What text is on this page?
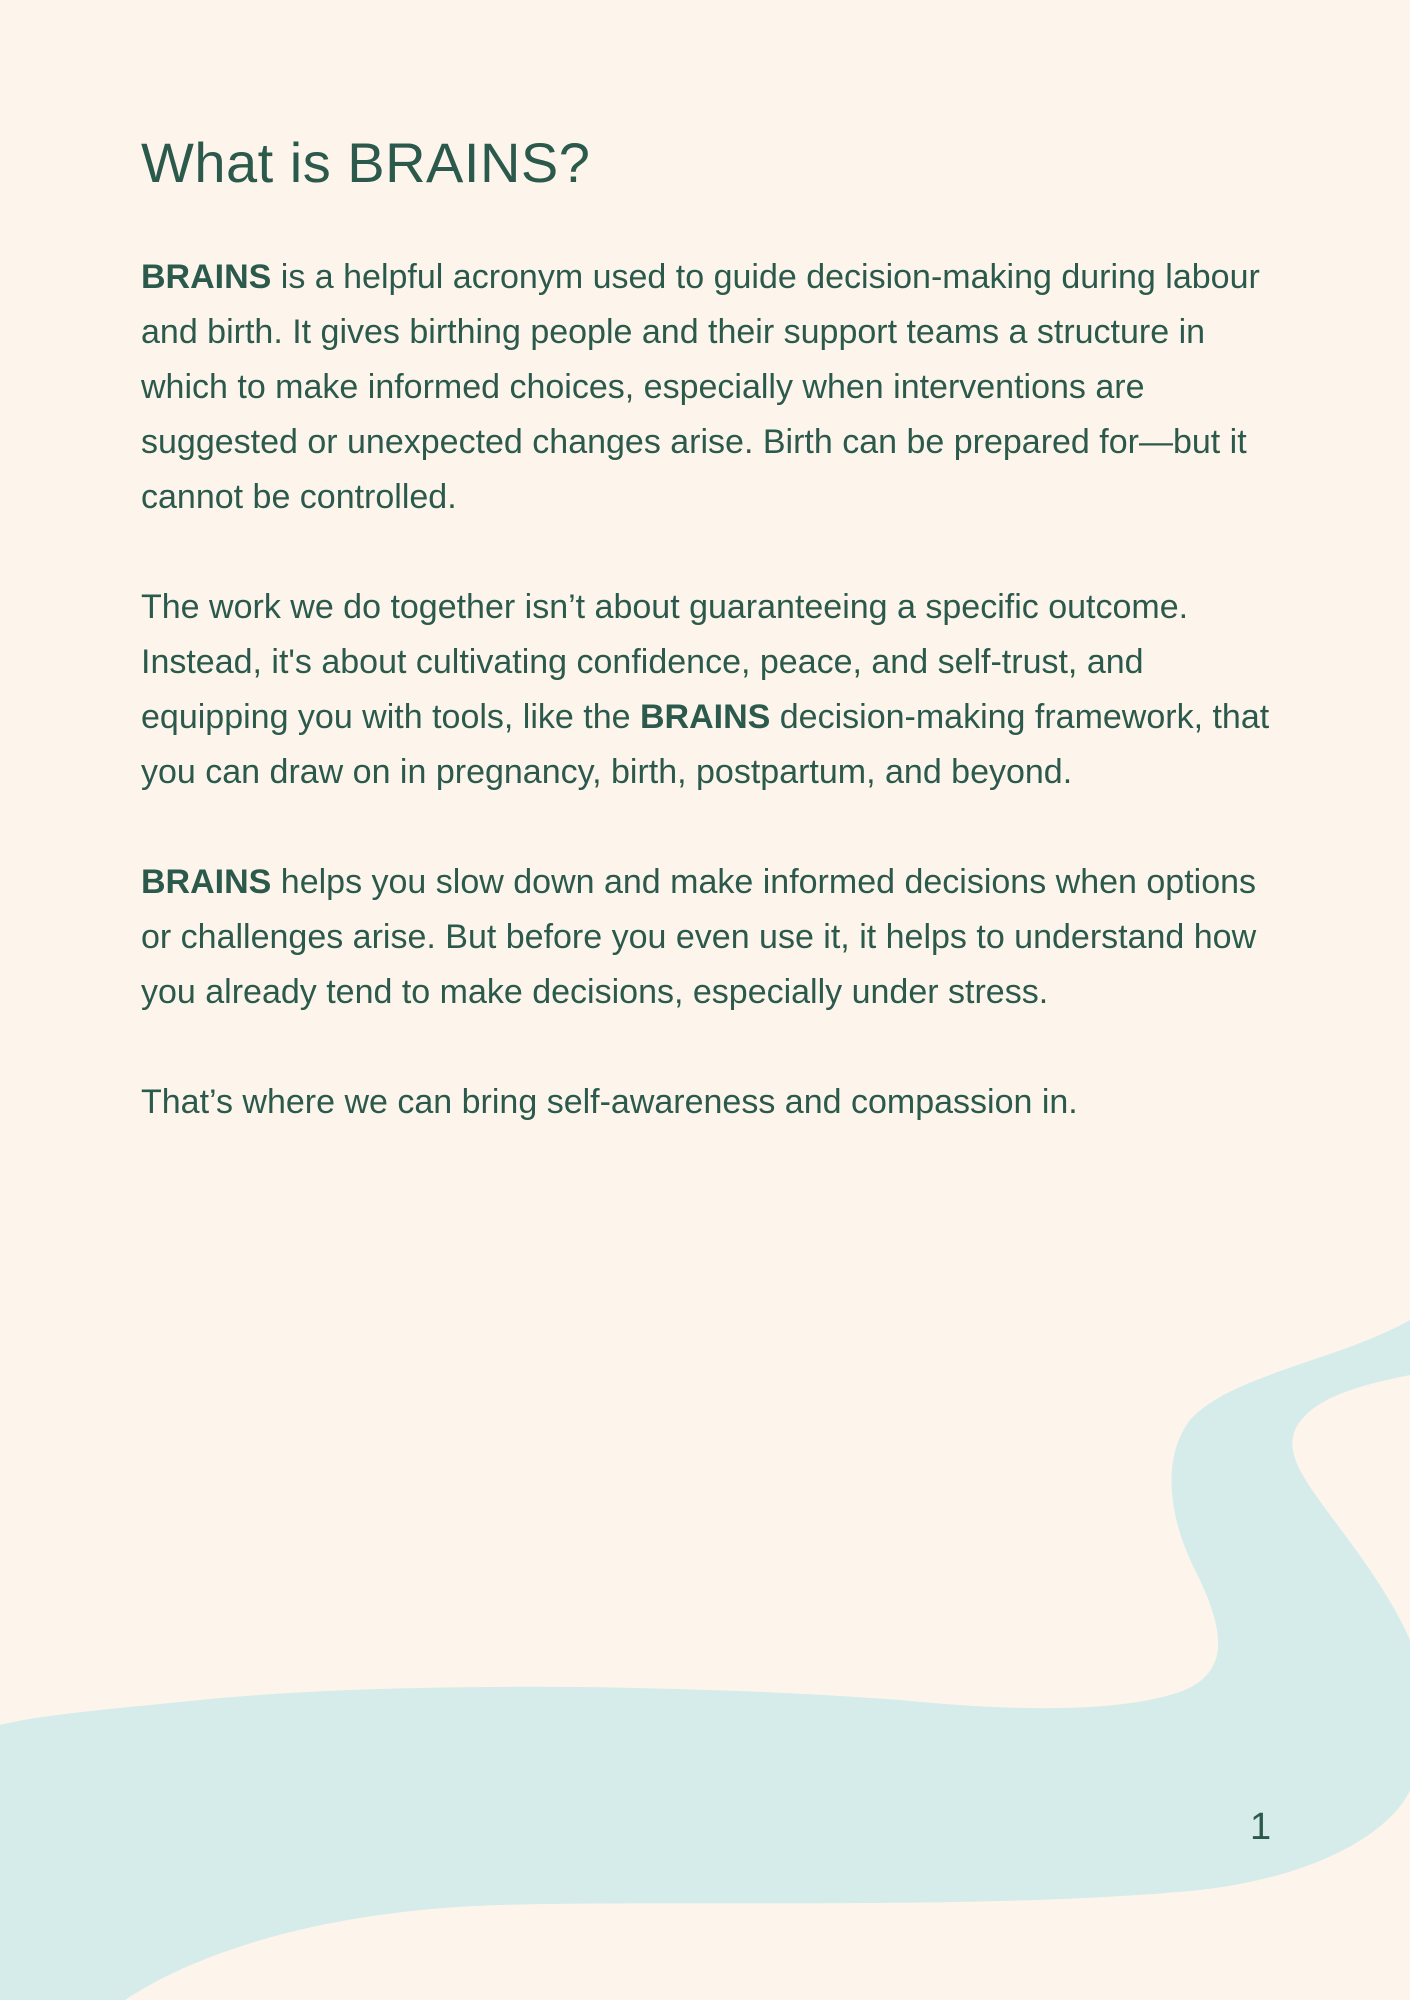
What is BRAINS?

BRAINS is a helpful acronym used to guide decision-making during labour and birth. It gives birthing people and their support teams a structure in which to make informed choices, especially when interventions are suggested or unexpected changes arise. Birth can be prepared for—but it cannot be controlled.

The work we do together isn’t about guaranteeing a specific outcome. Instead, it's about cultivating confidence, peace, and self-trust, and equipping you with tools, like the BRAINS decision-making framework, that you can draw on in pregnancy, birth, postpartum, and beyond.

BRAINS helps you slow down and make informed decisions when options or challenges arise. But before you even use it, it helps to understand how you already tend to make decisions, especially under stress.

That’s where we can bring self-awareness and compassion in.

1
